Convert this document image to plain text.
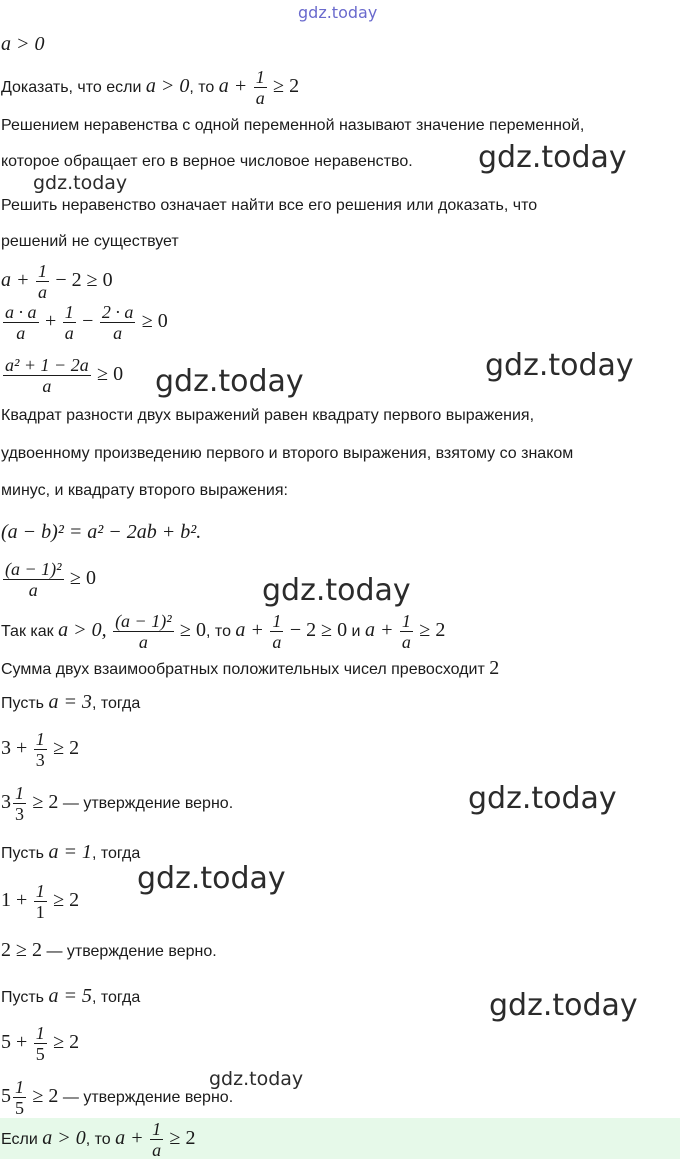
gdz.today
gdz.today
gdz.today
gdz.today
gdz.today
gdz.today
gdz.today
gdz.today
gdz.today
gdz.today
a > 0
Доказать, что если a > 0, то $a + \frac{1}{a} \ge 2$
Решением неравенства с одной переменной называют значение переменной,
которое обращает его в верное числовое неравенство.
Решить неравенство означает найти все его решения или доказать, что
решений не существует
$a + \frac{1}{a} - 2 \ge 0$
$\frac{a \cdot a}{a} + \frac{1}{a} - \frac{2 \cdot a}{a} \ge 0$
$\frac{\text{a² + 1 − 2a}}{a} \ge 0$
Квадрат разности двух выражений равен квадрату первого выражения,
удвоенному произведению первого и второго выражения, взятому со знаком
минус, и квадрату второго выражения:
(a − b)² = a² − 2ab + b².
$\frac{\text{(a − 1)²}}{a} \ge 0$
Так как a > 0, $\frac{\text{(a − 1)²}}{a} \ge 0$, то $a + \frac{1}{a} - 2 \ge 0$ и $a + \frac{1}{a} \ge 2$
Сумма двух взаимообратных положительных чисел превосходит 2
Пусть a = 3, тогда
$3 + \frac{1}{3} \ge 2$
$3 \frac{1}{3} \ge 2$ — утверждение верно.
Пусть a = 1, тогда
$1 + \frac{1}{1} \ge 2$
2 ≥ 2 — утверждение верно.
Пусть a = 5, тогда
$5 + \frac{1}{5} \ge 2$
$5 \frac{1}{5} \ge 2$ — утверждение верно.
Если a > 0, то $a + \frac{1}{a} \ge 2$
